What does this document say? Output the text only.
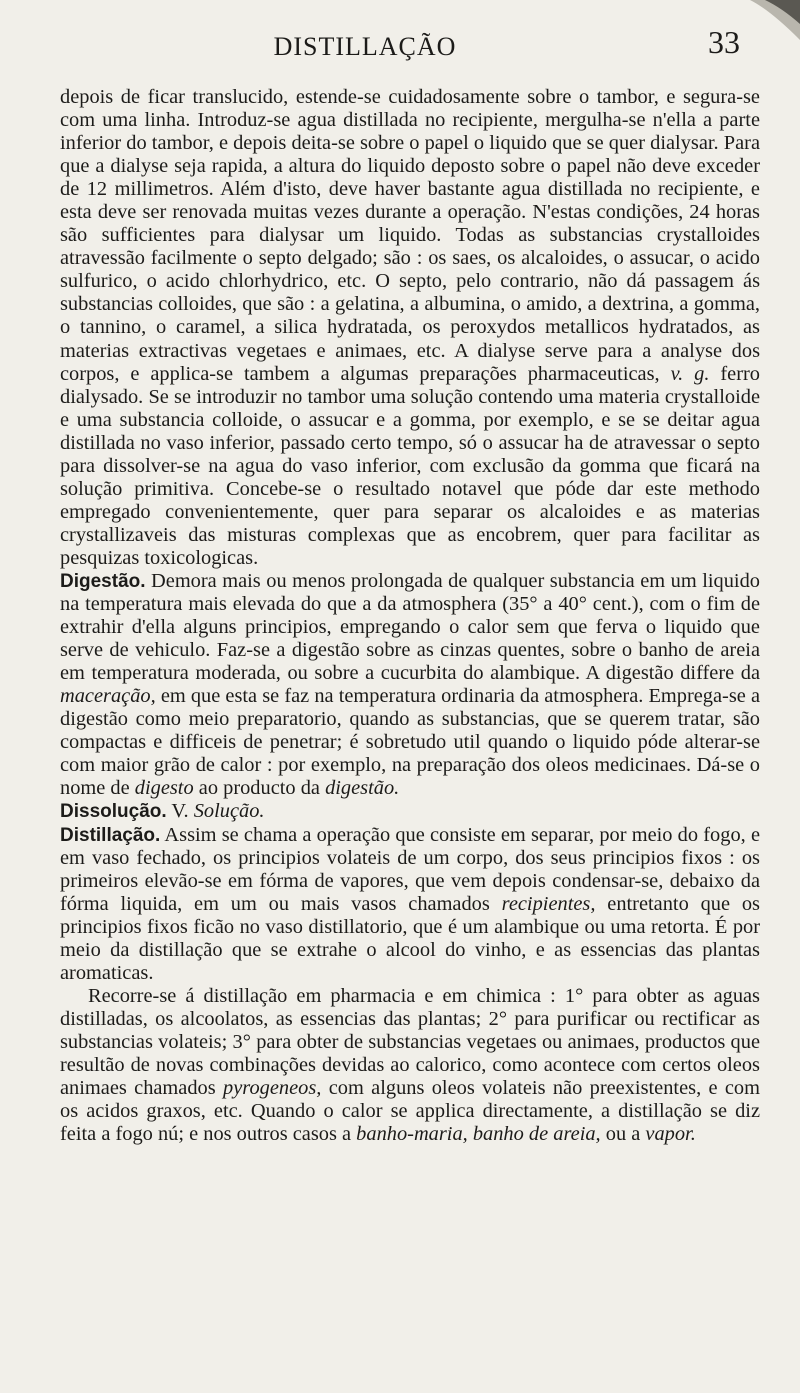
DISTILLAÇÃO	33

depois de ficar translucido, estende-se cuidadosamente sobre o tambor, e segura-se com uma linha. Introduz-se agua distillada no recipiente, mergulha-se n'ella a parte inferior do tambor, e depois deita-se sobre o papel o liquido que se quer dialysar. Para que a dialyse seja rapida, a altura do liquido deposto sobre o papel não deve exceder de 12 millimetros. Além d'isto, deve haver bastante agua distillada no recipiente, e esta deve ser renovada muitas vezes durante a operação. N'estas condições, 24 horas são sufficientes para dialysar um liquido. Todas as substancias crystalloides atravessão facilmente o septo delgado; são : os saes, os alcaloides, o assucar, o acido sulfurico, o acido chlorhydrico, etc. O septo, pelo contrario, não dá passagem ás substancias colloides, que são : a gelatina, a albumina, o amido, a dextrina, a gomma, o tannino, o caramel, a silica hydratada, os peroxydos metallicos hydratados, as materias extractivas vegetaes e animaes, etc. A dialyse serve para a analyse dos corpos, e applica-se tambem a algumas preparações pharmaceuticas, v. g. ferro dialysado. Se se introduzir no tambor uma solução contendo uma materia crystalloide e uma substancia colloide, o assucar e a gomma, por exemplo, e se se deitar agua distillada no vaso inferior, passado certo tempo, só o assucar ha de atravessar o septo para dissolver-se na agua do vaso inferior, com exclusão da gomma que ficará na solução primitiva. Concebe-se o resultado notavel que póde dar este methodo empregado convenientemente, quer para separar os alcaloides e as materias crystallizaveis das misturas complexas que as encobrem, quer para facilitar as pesquizas toxicologicas.

Digestão. Demora mais ou menos prolongada de qualquer substancia em um liquido na temperatura mais elevada do que a da atmosphera (35° a 40° cent.), com o fim de extrahir d'ella alguns principios, empregando o calor sem que ferva o liquido que serve de vehiculo. Faz-se a digestão sobre as cinzas quentes, sobre o banho de areia em temperatura moderada, ou sobre a cucurbita do alambique. A digestão differe da maceração, em que esta se faz na temperatura ordinaria da atmosphera. Emprega-se a digestão como meio preparatorio, quando as substancias, que se querem tratar, são compactas e difficeis de penetrar; é sobretudo util quando o liquido póde alterar-se com maior grão de calor : por exemplo, na preparação dos oleos medicinaes. Dá-se o nome de digesto ao producto da digestão.

Dissolução. V. Solução.

Distillação. Assim se chama a operação que consiste em separar, por meio do fogo, e em vaso fechado, os principios volateis de um corpo, dos seus principios fixos : os primeiros elevão-se em fórma de vapores, que vem depois condensar-se, debaixo da fórma liquida, em um ou mais vasos chamados recipientes, entretanto que os principios fixos ficão no vaso distillatorio, que é um alambique ou uma retorta. É por meio da distillação que se extrahe o alcool do vinho, e as essencias das plantas aromaticas.

Recorre-se á distillação em pharmacia e em chimica : 1° para obter as aguas distilladas, os alcoolatos, as essencias das plantas; 2° para purificar ou rectificar as substancias volateis; 3° para obter de substancias vegetaes ou animaes, productos que resultão de novas combinações devidas ao calorico, como acontece com certos oleos animaes chamados pyrogeneos, com alguns oleos volateis não preexistentes, e com os acidos graxos, etc. Quando o calor se applica directamente, a distillação se diz feita a fogo nú; e nos outros casos a banho-maria, banho de areia, ou a vapor.
